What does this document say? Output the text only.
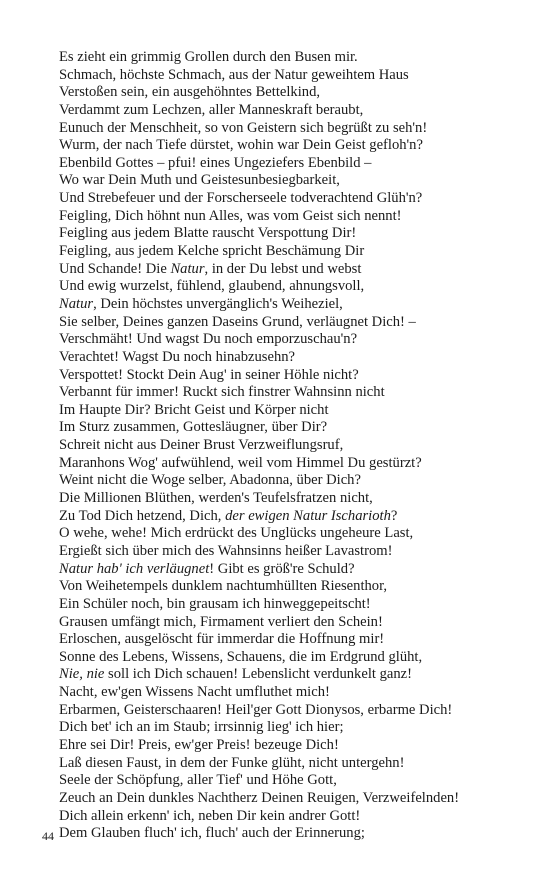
Es zieht ein grimmig Grollen durch den Busen mir.
Schmach, höchste Schmach, aus der Natur geweihtem Haus
Verstoßen sein, ein ausgehöhntes Bettelkind,
Verdammt zum Lechzen, aller Manneskraft beraubt,
Eunuch der Menschheit, so von Geistern sich begrüßt zu seh'n!
Wurm, der nach Tiefe dürstet, wohin war Dein Geist gefloh'n?
Ebenbild Gottes – pfui! eines Ungeziefers Ebenbild –
Wo war Dein Muth und Geistesunbesiegbarkeit,
Und Strebefeuer und der Forscherseele todverachtend Glüh'n?
Feigling, Dich höhnt nun Alles, was vom Geist sich nennt!
Feigling aus jedem Blatte rauscht Verspottung Dir!
Feigling, aus jedem Kelche spricht Beschämung Dir
Und Schande! Die Natur, in der Du lebst und webst
Und ewig wurzelst, fühlend, glaubend, ahnungsvoll,
Natur, Dein höchstes unvergänglich's Weiheziel,
Sie selber, Deines ganzen Daseins Grund, verläugnet Dich! –
Verschmäht! Und wagst Du noch emporzuschau'n?
Verachtet! Wagst Du noch hinabzusehn?
Verspottet! Stockt Dein Aug' in seiner Höhle nicht?
Verbannt für immer! Ruckt sich finstrer Wahnsinn nicht
Im Haupte Dir? Bricht Geist und Körper nicht
Im Sturz zusammen, Gottesläugner, über Dir?
Schreit nicht aus Deiner Brust Verzweiflungsruf,
Maranhons Wog' aufwühlend, weil vom Himmel Du gestürzt?
Weint nicht die Woge selber, Abadonna, über Dich?
Die Millionen Blüthen, werden's Teufelsfratzen nicht,
Zu Tod Dich hetzend, Dich, der ewigen Natur Ischarioth?
O wehe, wehe! Mich erdrückt des Unglücks ungeheure Last,
Ergießt sich über mich des Wahnsinns heißer Lavastrom!
Natur hab' ich verläugnet! Gibt es größ're Schuld?
Von Weihetempels dunklem nachtumhüllten Riesenthor,
Ein Schüler noch, bin grausam ich hinweggepeitscht!
Grausen umfängt mich, Firmament verliert den Schein!
Erloschen, ausgelöscht für immerdar die Hoffnung mir!
Sonne des Lebens, Wissens, Schauens, die im Erdgrund glüht,
Nie, nie soll ich Dich schauen! Lebenslicht verdunkelt ganz!
Nacht, ew'gen Wissens Nacht umfluthet mich!
Erbarmen, Geisterschaaren! Heil'ger Gott Dionysos, erbarme Dich!
Dich bet' ich an im Staub; irrsinnig lieg' ich hier;
Ehre sei Dir! Preis, ew'ger Preis! bezeuge Dich!
Laß diesen Faust, in dem der Funke glüht, nicht untergehn!
Seele der Schöpfung, aller Tief' und Höhe Gott,
Zeuch an Dein dunkles Nachtherz Deinen Reuigen, Verzweifelnden!
Dich allein erkenn' ich, neben Dir kein andrer Gott!
Dem Glauben fluch' ich, fluch' auch der Erinnerung;
44
